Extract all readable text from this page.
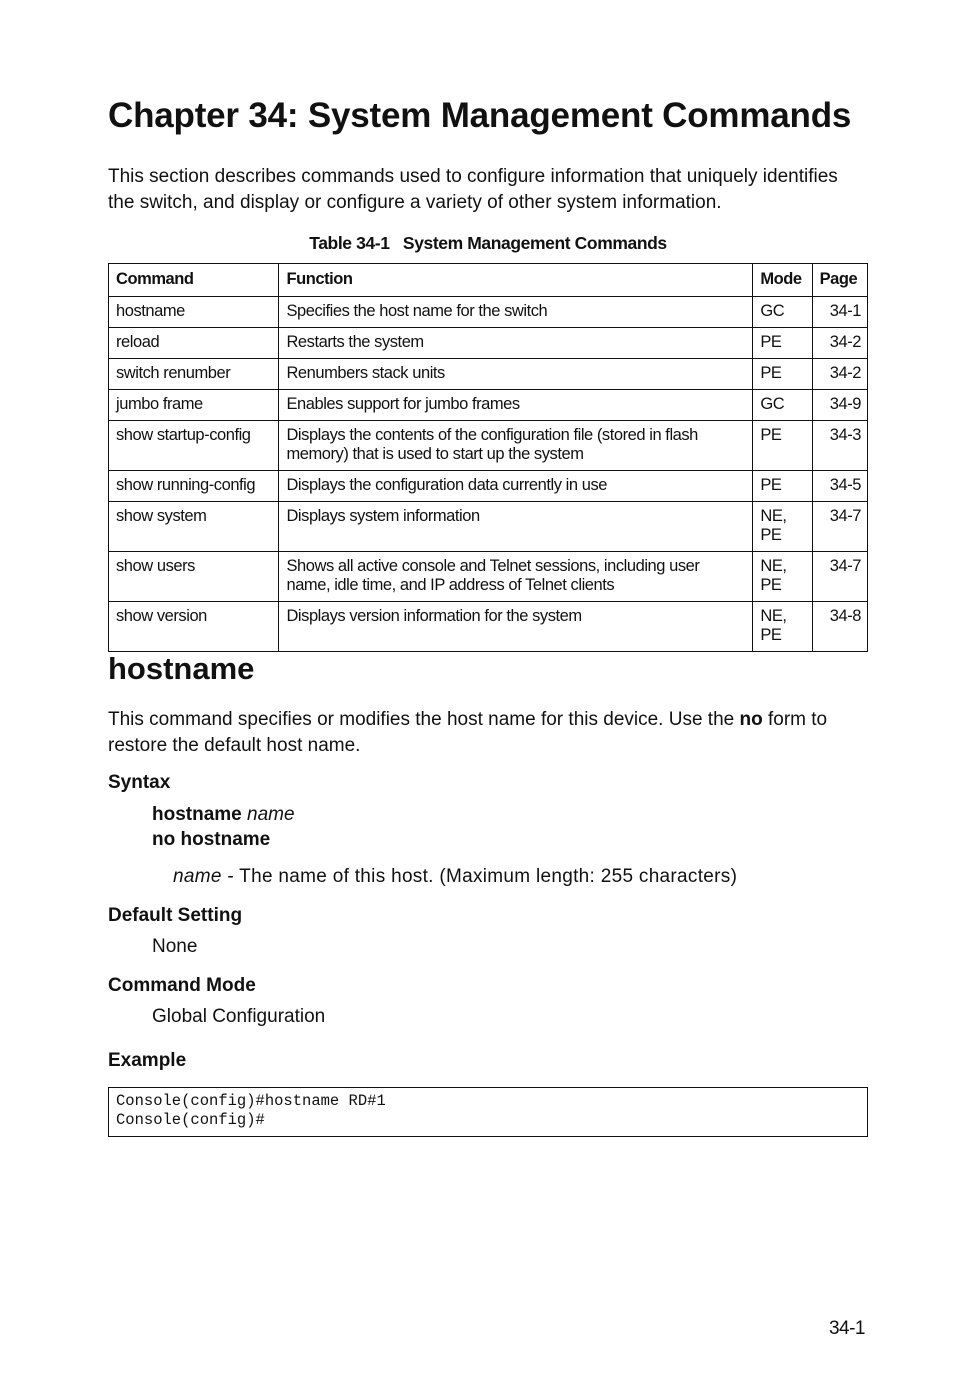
Chapter 34: System Management Commands

This section describes commands used to configure information that uniquely identifies the switch, and display or configure a variety of other system information.

Table 34-1   System Management Commands
Command	Function	Mode	Page
hostname	Specifies the host name for the switch	GC	34-1
reload	Restarts the system	PE	34-2
switch renumber	Renumbers stack units	PE	34-2
jumbo frame	Enables support for jumbo frames	GC	34-9
show startup-config	Displays the contents of the configuration file (stored in flash memory) that is used to start up the system	PE	34-3
show running-config	Displays the configuration data currently in use	PE	34-5
show system	Displays system information	NE, PE	34-7
show users	Shows all active console and Telnet sessions, including user name, idle time, and IP address of Telnet clients	NE, PE	34-7
show version	Displays version information for the system	NE, PE	34-8
hostname

This command specifies or modifies the host name for this device. Use the no form to restore the default host name.

Syntax
hostname name
no hostname
name - The name of this host. (Maximum length: 255 characters)
Default Setting
None
Command Mode
Global Configuration
Example
Console(config)#hostname RD#1
Console(config)#
34-1
